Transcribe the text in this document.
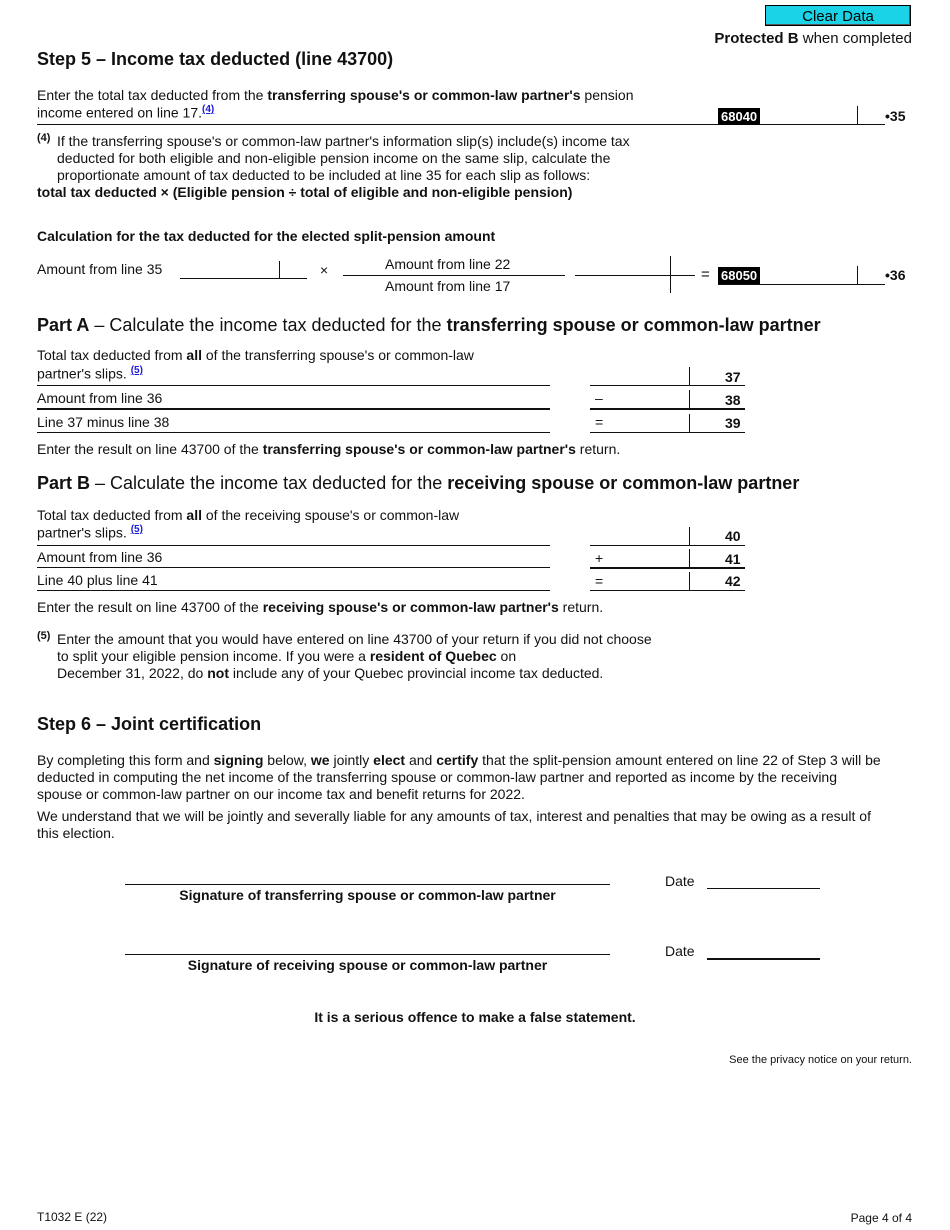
Clear Data
Protected B when completed
Step 5 – Income tax deducted (line 43700)
Enter the total tax deducted from the transferring spouse's or common-law partner's pension
income entered on line 17.$^{(4)}$	68040	•35
(4) If the transferring spouse's or common-law partner's information slip(s) include(s) income tax deducted for both eligible and non-eligible pension income on the same slip, calculate the proportionate amount of tax deducted to be included at line 35 for each slip as follows:
total tax deducted × (Eligible pension ÷ total of eligible and non-eligible pension)
Calculation for the tax deducted for the elected split-pension amount
Amount from line 35	×	Amount from line 22
Amount from line 17
= 68050	•36
Part A – Calculate the income tax deducted for the transferring spouse or common-law partner
Total tax deducted from all of the transferring spouse's or common-law
partner's slips. $^{(5)}$	37
Amount from line 36	–	38
Line 37 minus line 38	=	39
Enter the result on line 43700 of the transferring spouse's or common-law partner's return.
Part B – Calculate the income tax deducted for the receiving spouse or common-law partner
Total tax deducted from all of the receiving spouse's or common-law
partner's slips. $^{(5)}$	40
Amount from line 36	+	41
Line 40 plus line 41	=	42
Enter the result on line 43700 of the receiving spouse's or common-law partner's return.
(5) Enter the amount that you would have entered on line 43700 of your return if you did not choose
to split your eligible pension income. If you were a resident of Quebec on
December 31, 2022, do not include any of your Quebec provincial income tax deducted.
Step 6 – Joint certification
By completing this form and signing below, we jointly elect and certify that the split-pension amount entered on line 22 of Step 3 will be deducted in computing the net income of the transferring spouse or common-law partner and reported as income by the receiving spouse or common-law partner on our income tax and benefit returns for 2022.
We understand that we will be jointly and severally liable for any amounts of tax, interest and penalties that may be owing as a result of this election.
Signature of transferring spouse or common-law partner
Date
Signature of receiving spouse or common-law partner
Date
It is a serious offence to make a false statement.
See the privacy notice on your return.
T1032 E (22)	Page 4 of 4
